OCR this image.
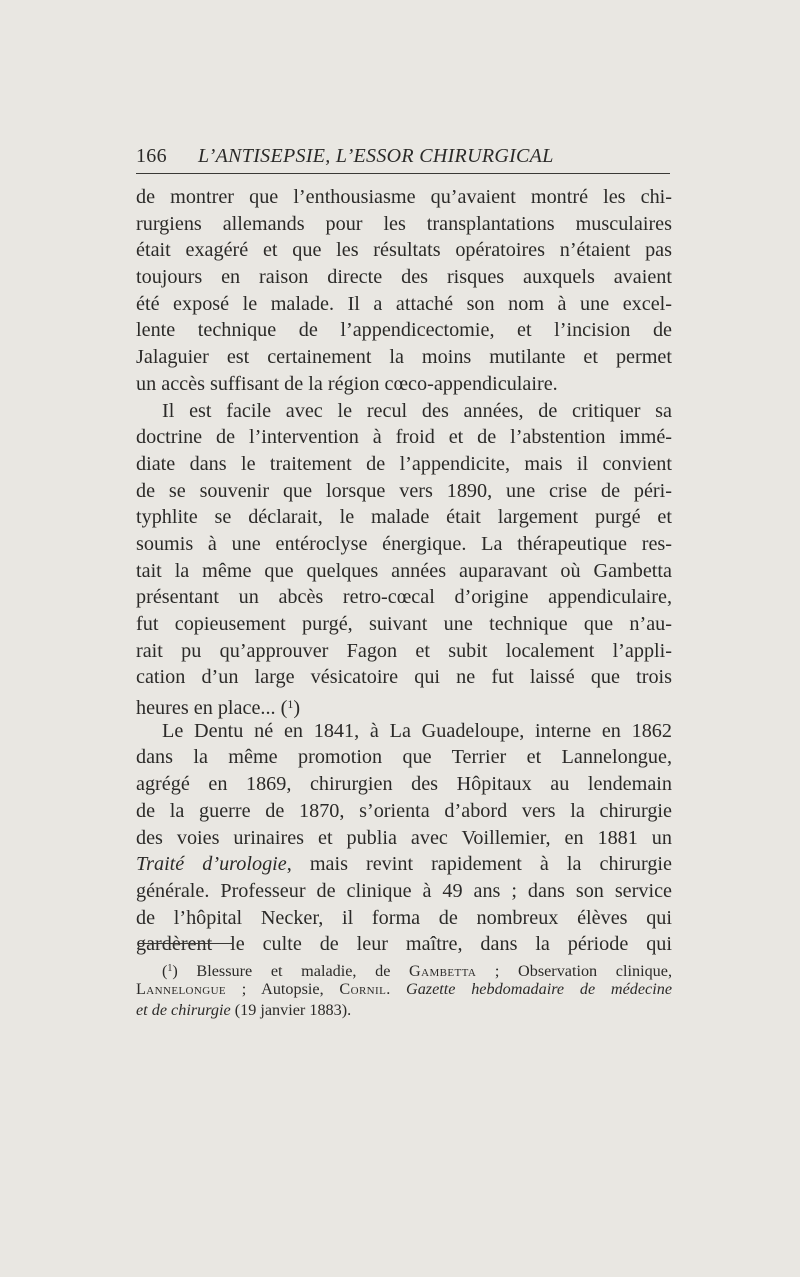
166 L’ANTISEPSIE, L’ESSOR CHIRURGICAL
de montrer que l’enthousiasme qu’avaient montré les chi-
rurgiens allemands pour les transplantations musculaires
était exagéré et que les résultats opératoires n’étaient pas
toujours en raison directe des risques auxquels avaient
été exposé le malade. Il a attaché son nom à une excel-
lente technique de l’appendicectomie, et l’incision de
Jalaguier est certainement la moins mutilante et permet
un accès suffisant de la région cœco-appendiculaire.
Il est facile avec le recul des années, de critiquer sa
doctrine de l’intervention à froid et de l’abstention immé-
diate dans le traitement de l’appendicite, mais il convient
de se souvenir que lorsque vers 1890, une crise de péri-
typhlite se déclarait, le malade était largement purgé et
soumis à une entéroclyse énergique. La thérapeutique res-
tait la même que quelques années auparavant où Gambetta
présentant un abcès retro-cœcal d’origine appendiculaire,
fut copieusement purgé, suivant une technique que n’au-
rait pu qu’approuver Fagon et subit localement l’appli-
cation d’un large vésicatoire qui ne fut laissé que trois
heures en place... ($^1$)
Le Dentu né en 1841, à La Guadeloupe, interne en 1862
dans la même promotion que Terrier et Lannelongue,
agrégé en 1869, chirurgien des Hôpitaux au lendemain
de la guerre de 1870, s’orienta d’abord vers la chirurgie
des voies urinaires et publia avec Voillemier, en 1881 un
Traité d’urologie, mais revint rapidement à la chirurgie
générale. Professeur de clinique à 49 ans ; dans son service
de l’hôpital Necker, il forma de nombreux élèves qui
gardèrent le culte de leur maître, dans la période qui
($^1$) Blessure et maladie, de Gambetta ; Observation clinique,
Lannelongue ; Autopsie, Cornil. Gazette hebdomadaire de médecine
et de chirurgie (19 janvier 1883).
